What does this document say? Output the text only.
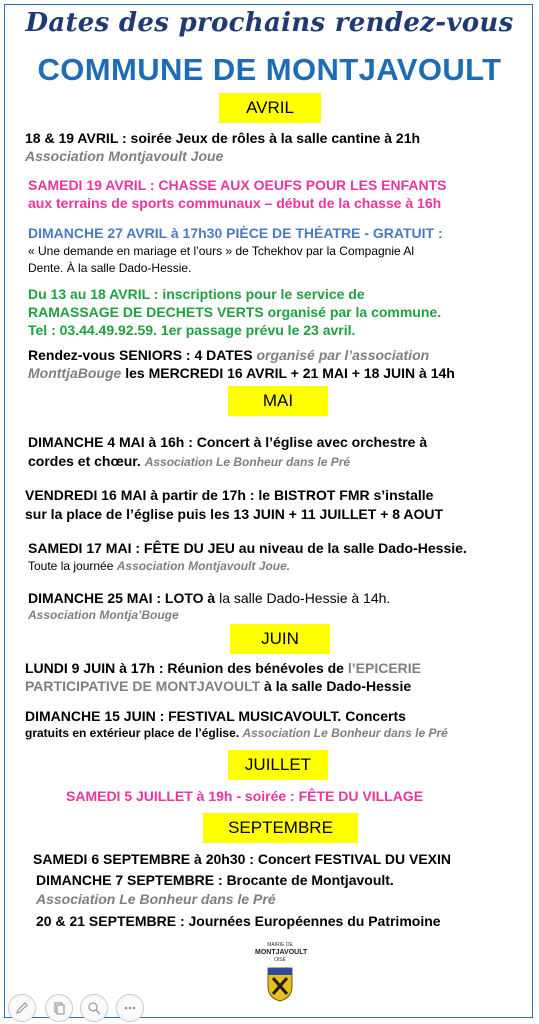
Dates des prochains rendez-vous
COMMUNE DE MONTJAVOULT
AVRIL
18 & 19 AVRIL : soirée Jeux de rôles à la salle cantine à 21h
Association Montjavoult Joue
SAMEDI 19 AVRIL : CHASSE AUX OEUFS POUR LES ENFANTS
aux terrains de sports communaux – début de la chasse à 16h
DIMANCHE 27 AVRIL à 17h30 PIÈCE DE THÉATRE - GRATUIT :
« Une demande en mariage et l’ours » de Tchekhov par la Compagnie Al
Dente. À la salle Dado-Hessie.
Du 13 au 18 AVRIL : inscriptions pour le service de
RAMASSAGE DE DECHETS VERTS organisé par la commune.
Tel : 03.44.49.92.59. 1er passage prévu le 23 avril.
Rendez-vous SENIORS : 4 DATES organisé par l’association
MonttjaBouge les MERCREDI 16 AVRIL + 21 MAI + 18 JUIN à 14h
MAI
DIMANCHE 4 MAI à 16h : Concert à l’église avec orchestre à
cordes et chœur. Association Le Bonheur dans le Pré
VENDREDI 16 MAI à partir de 17h : le BISTROT FMR s’installe
sur la place de l’église puis les 13 JUIN + 11 JUILLET + 8 AOUT
SAMEDI 17 MAI : FÊTE DU JEU au niveau de la salle Dado-Hessie.
Toute la journée Association Montjavoult Joue.
DIMANCHE 25 MAI : LOTO à la salle Dado-Hessie à 14h.
Association Montja’Bouge
JUIN
LUNDI 9 JUIN à 17h : Réunion des bénévoles de l’EPICERIE
PARTICIPATIVE DE MONTJAVOULT à la salle Dado-Hessie
DIMANCHE 15 JUIN : FESTIVAL MUSICAVOULT. Concerts
gratuits en extérieur place de l’église. Association Le Bonheur dans le Pré
JUILLET
SAMEDI 5 JUILLET à 19h - soirée : FÊTE DU VILLAGE
SEPTEMBRE
SAMEDI 6 SEPTEMBRE à 20h30 : Concert FESTIVAL DU VEXIN
DIMANCHE 7 SEPTEMBRE : Brocante de Montjavoult.
Association Le Bonheur dans le Pré
20 & 21 SEPTEMBRE : Journées Européennes du Patrimoine
MAIRIE DE
MONTJAVOULT
OISE
